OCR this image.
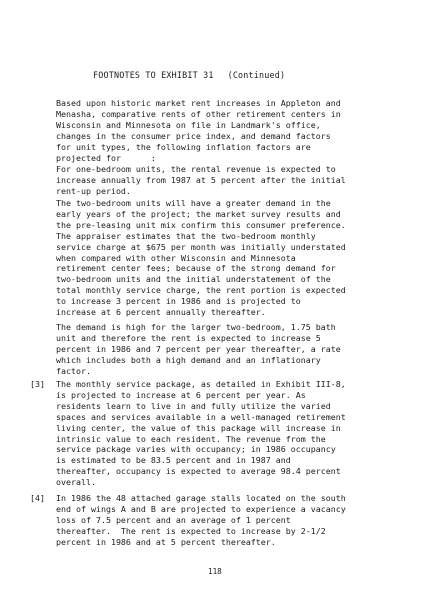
FOOTNOTES TO EXHIBIT 31 (Continued)
Based upon historic market rent increases in Appleton and
Menasha, comparative rents of other retirement centers in
Wisconsin and Minnesota on file in Landmark's office,
changes in the consumer price index, and demand factors
for unit types, the following inflation factors are
projected for      :
For one-bedroom units, the rental revenue is expected to
increase annually from 1987 at 5 percent after the initial
rent-up period.
The two-bedroom units will have a greater demand in the
early years of the project; the market survey results and
the pre-leasing unit mix confirm this consumer preference.
The appraiser estimates that the two-bedroom monthly
service charge at $675 per month was initially understated
when compared with other Wisconsin and Minnesota
retirement center fees; because of the strong demand for
two-bedroom units and the initial understatement of the
total monthly service charge, the rent portion is expected
to increase 3 percent in 1986 and is projected to
increase at 6 percent annually thereafter.
The demand is high for the larger two-bedroom, 1.75 bath
unit and therefore the rent is expected to increase 5
percent in 1986 and 7 percent per year thereafter, a rate
which includes both a high demand and an inflationary
factor.
[3] The monthly service package, as detailed in Exhibit III-8,
is projected to increase at 6 percent per year. As
residents learn to live in and fully utilize the varied
spaces and services available in a well-managed retirement
living center, the value of this package will increase in
intrinsic value to each resident. The revenue from the
service package varies with occupancy; in 1986 occupancy
is estimated to be 83.5 percent and in 1987 and
thereafter, occupancy is expected to average 98.4 percent
overall.
[4] In 1986 the 48 attached garage stalls located on the south
end of wings A and B are projected to experience a vacancy
loss of 7.5 percent and an average of 1 percent
thereafter.  The rent is expected to increase by 2-1/2
percent in 1986 and at 5 percent thereafter.
118
